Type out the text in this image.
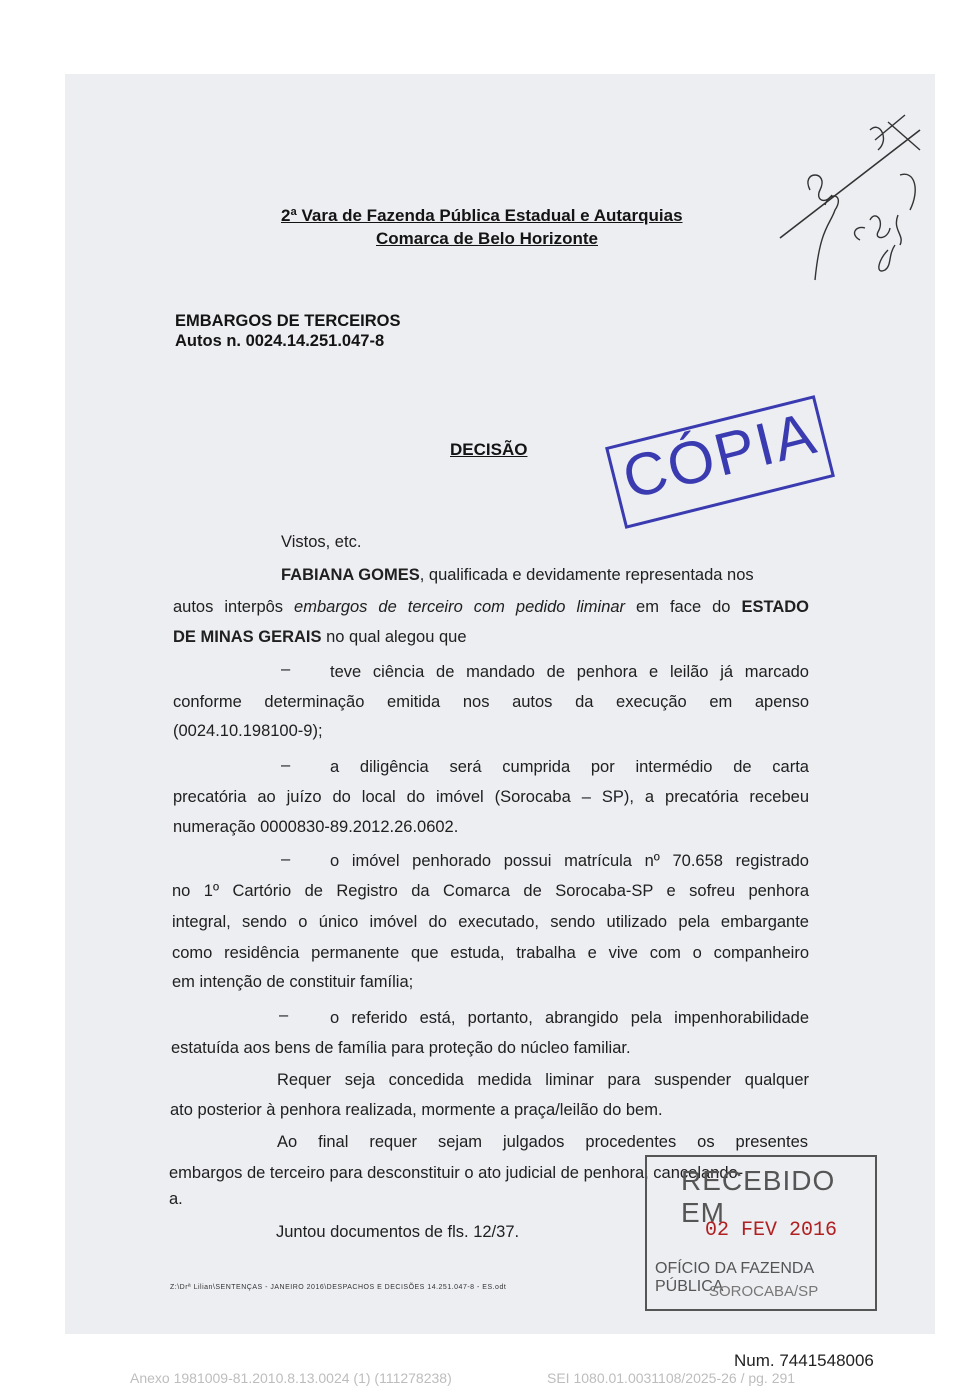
2ª Vara de Fazenda Pública Estadual e Autarquias
Comarca de Belo Horizonte
EMBARGOS DE TERCEIROS
Autos n. 0024.14.251.047-8
DECISÃO CÓPIA
Vistos, etc.
FABIANA GOMES, qualificada e devidamente representada nos
autos interpôs embargos de terceiro com pedido liminar em face do ESTADO
DE MINAS GERAIS no qual alegou que
– teve ciência de mandado de penhora e leilão já marcado
conforme determinação emitida nos autos da execução em apenso
(0024.10.198100-9);
– a diligência será cumprida por intermédio de carta
precatória ao juízo do local do imóvel (Sorocaba – SP), a precatória recebeu
numeração 0000830-89.2012.26.0602.
– o imóvel penhorado possui matrícula nº 70.658 registrado
no 1º Cartório de Registro da Comarca de Sorocaba-SP e sofreu penhora
integral, sendo o único imóvel do executado, sendo utilizado pela embargante
como residência permanente que estuda, trabalha e vive com o companheiro
em intenção de constituir família;
–	o referido está, portanto, abrangido pela impenhorabilidade
estatuída aos bens de família para proteção do núcleo familiar.
Requer seja concedida medida liminar para suspender qualquer
ato posterior à penhora realizada, mormente a praça/leilão do bem.
Ao final requer sejam julgados procedentes os presentes
embargos de terceiro para desconstituir o ato judicial de penhora, cancelando-
a.
Juntou documentos de fls. 12/37.
RECEBIDO EM
02 FEV 2016
OFÍCIO DA FAZENDA PÚBLICA
SOROCABA/SP
Z:\Drª Lilian\SENTENÇAS - JANEIRO 2016\DESPACHOS E DECISÕES 14.251.047-8 - ES.odt
Num. 7441548006
Anexo 1981009-81.2010.8.13.0024 (1) (111278238)	SEI 1080.01.0031108/2025-26 / pg. 291
